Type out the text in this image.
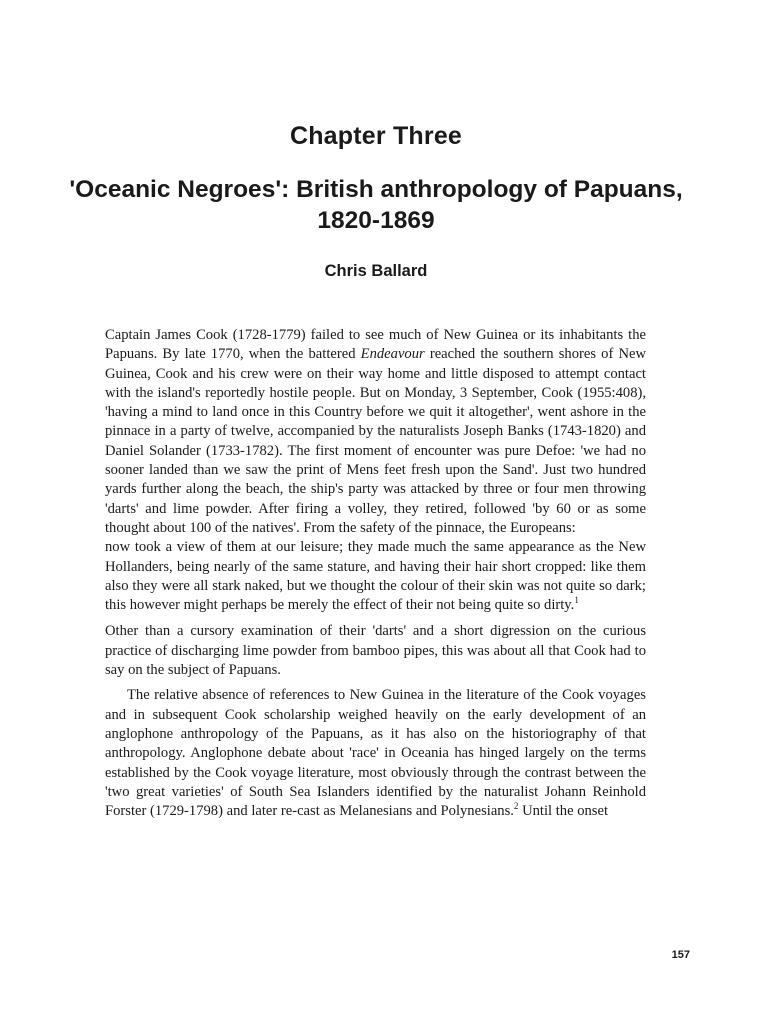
Chapter Three
'Oceanic Negroes': British anthropology of Papuans, 1820-1869
Chris Ballard

Captain James Cook (1728-1779) failed to see much of New Guinea or its inhabitants the Papuans. By late 1770, when the battered Endeavour reached the southern shores of New Guinea, Cook and his crew were on their way home and little disposed to attempt contact with the island's reportedly hostile people. But on Monday, 3 September, Cook (1955:408), 'having a mind to land once in this Country before we quit it altogether', went ashore in the pinnace in a party of twelve, accompanied by the naturalists Joseph Banks (1743-1820) and Daniel Solander (1733-1782). The first moment of encounter was pure Defoe: 'we had no sooner landed than we saw the print of Mens feet fresh upon the Sand'. Just two hundred yards further along the beach, the ship's party was attacked by three or four men throwing 'darts' and lime powder. After firing a volley, they retired, followed 'by 60 or as some thought about 100 of the natives'. From the safety of the pinnace, the Europeans:

now took a view of them at our leisure; they made much the same appearance as the New Hollanders, being nearly of the same stature, and having their hair short cropped: like them also they were all stark naked, but we thought the colour of their skin was not quite so dark; this however might perhaps be merely the effect of their not being quite so dirty.$^1$

Other than a cursory examination of their 'darts' and a short digression on the curious practice of discharging lime powder from bamboo pipes, this was about all that Cook had to say on the subject of Papuans.

The relative absence of references to New Guinea in the literature of the Cook voyages and in subsequent Cook scholarship weighed heavily on the early development of an anglophone anthropology of the Papuans, as it has also on the historiography of that anthropology. Anglophone debate about 'race' in Oceania has hinged largely on the terms established by the Cook voyage literature, most obviously through the contrast between the 'two great varieties' of South Sea Islanders identified by the naturalist Johann Reinhold Forster (1729-1798) and later re-cast as Melanesians and Polynesians.$^2$ Until the onset

157
